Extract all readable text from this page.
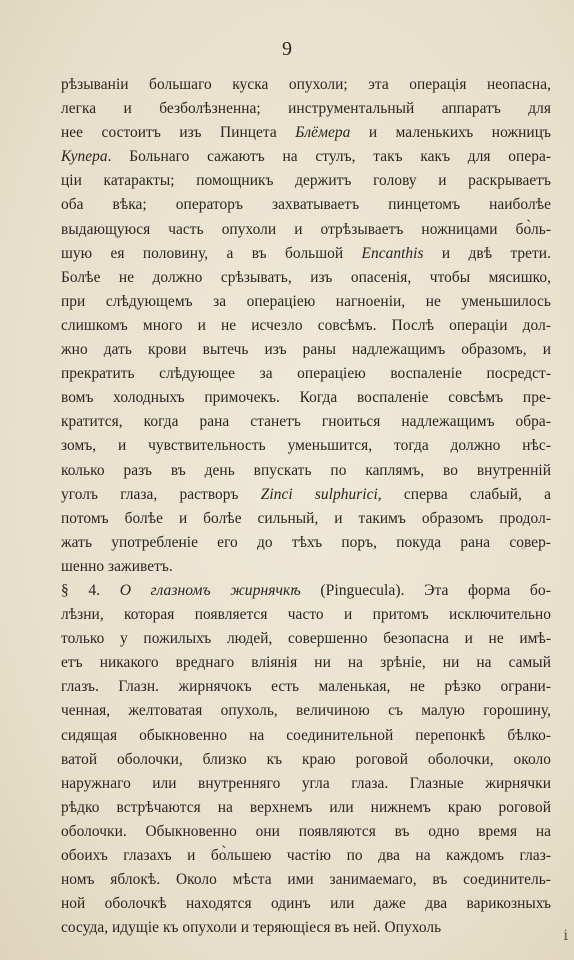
9
рѣзываніи большаго куска опухоли; эта операція неопасна,
легка и безболѣзненна; инструментальный аппаратъ для
нее состоитъ изъ Пинцета Блёмера и маленькихъ ножницъ
Купера. Больнаго сажаютъ на стулъ, такъ какъ для опера-
ціи катаракты; помощникъ держитъ голову и раскрываетъ
оба вѣка; операторъ захватываетъ пинцетомъ наиболѣе
выдающуюся часть опухоли и отрѣзываетъ ножницами бо̀ль-
шую ея половину, а въ большой Encanthis и двѣ трети.
Болѣе не должно срѣзывать, изъ опасенія, чтобы мясишко,
при слѣдующемъ за операціею нагноеніи, не уменьшилось
слишкомъ много и не исчезло совсѣмъ. Послѣ операціи дол-
жно дать крови вытечь изъ раны надлежащимъ образомъ, и
прекратить слѣдующее за операціею воспаленіе посредст-
вомъ холодныхъ примочекъ. Когда воспаленіе совсѣмъ пре-
кратится, когда рана станетъ гноиться надлежащимъ обра-
зомъ, и чувствительность уменьшится, тогда должно нѣс-
колько разъ въ день впускать по каплямъ, во внутренній
уголъ глаза, растворъ Zinci sulphurici, сперва слабый, а
потомъ болѣе и болѣе сильный, и такимъ образомъ продол-
жать употребленіе его до тѣхъ поръ, покуда рана совер-
шенно заживетъ.
§ 4. О глазномъ жирнячкѣ (Pinguecula). Эта форма бо-
лѣзни, которая появляется часто и притомъ исключительно
только у пожилыхъ людей, совершенно безопасна и не имѣ-
етъ никакого вреднаго вліянія ни на зрѣніе, ни на самый
глазъ. Глазн. жирнячокъ есть маленькая, не рѣзко ограни-
ченная, желтоватая опухоль, величиною съ малую горошину,
сидящая обыкновенно на соединительной перепонкѣ бѣлко-
ватой оболочки, близко къ краю роговой оболочки, около
наружнаго или внутренняго угла глаза. Глазные жирнячки
рѣдко встрѣчаются на верхнемъ или нижнемъ краю роговой
оболочки. Обыкновенно они появляются въ одно время на
обоихъ глазахъ и бо̀льшею частію по два на каждомъ глаз-
номъ яблокѣ. Около мѣста ими занимаемаго, въ соединитель-
ной оболочкѣ находятся одинъ или даже два варикозныхъ
сосуда, идущіе къ опухоли и теряющіеся въ ней. Опухоль	ⅰ
